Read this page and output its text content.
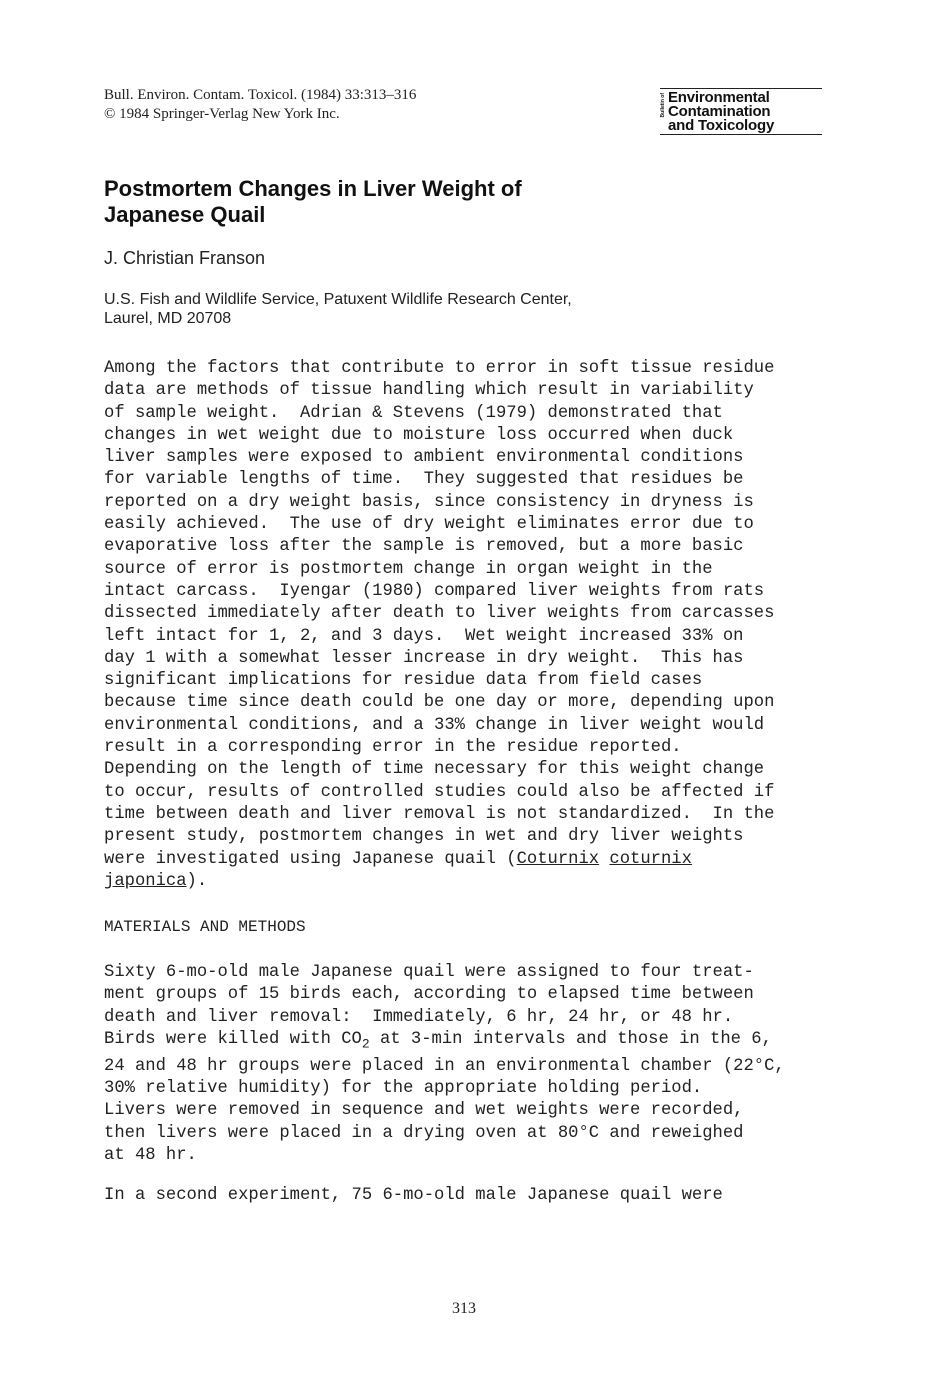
Bull. Environ. Contam. Toxicol. (1984) 33:313–316
© 1984 Springer-Verlag New York Inc.	Bulletin of Environmental
Contamination
and Toxicology
Postmortem Changes in Liver Weight of
Japanese Quail
J. Christian Franson
U.S. Fish and Wildlife Service, Patuxent Wildlife Research Center,
Laurel, MD 20708
Among the factors that contribute to error in soft tissue residue
data are methods of tissue handling which result in variability
of sample weight.  Adrian & Stevens (1979) demonstrated that
changes in wet weight due to moisture loss occurred when duck
liver samples were exposed to ambient environmental conditions
for variable lengths of time.  They suggested that residues be
reported on a dry weight basis, since consistency in dryness is
easily achieved.  The use of dry weight eliminates error due to
evaporative loss after the sample is removed, but a more basic
source of error is postmortem change in organ weight in the
intact carcass.  Iyengar (1980) compared liver weights from rats
dissected immediately after death to liver weights from carcasses
left intact for 1, 2, and 3 days.  Wet weight increased 33% on
day 1 with a somewhat lesser increase in dry weight.  This has
significant implications for residue data from field cases
because time since death could be one day or more, depending upon
environmental conditions, and a 33% change in liver weight would
result in a corresponding error in the residue reported.
Depending on the length of time necessary for this weight change
to occur, results of controlled studies could also be affected if
time between death and liver removal is not standardized.  In the
present study, postmortem changes in wet and dry liver weights
were investigated using Japanese quail (Coturnix coturnix
japonica).
MATERIALS AND METHODS
Sixty 6-mo-old male Japanese quail were assigned to four treat-
ment groups of 15 birds each, according to elapsed time between
death and liver removal:  Immediately, 6 hr, 24 hr, or 48 hr.
Birds were killed with $CO_2$ at 3-min intervals and those in the 6,
24 and 48 hr groups were placed in an environmental chamber (22°C,
30% relative humidity) for the appropriate holding period.
Livers were removed in sequence and wet weights were recorded,
then livers were placed in a drying oven at 80°C and reweighed
at 48 hr.
In a second experiment, 75 6-mo-old male Japanese quail were
313
